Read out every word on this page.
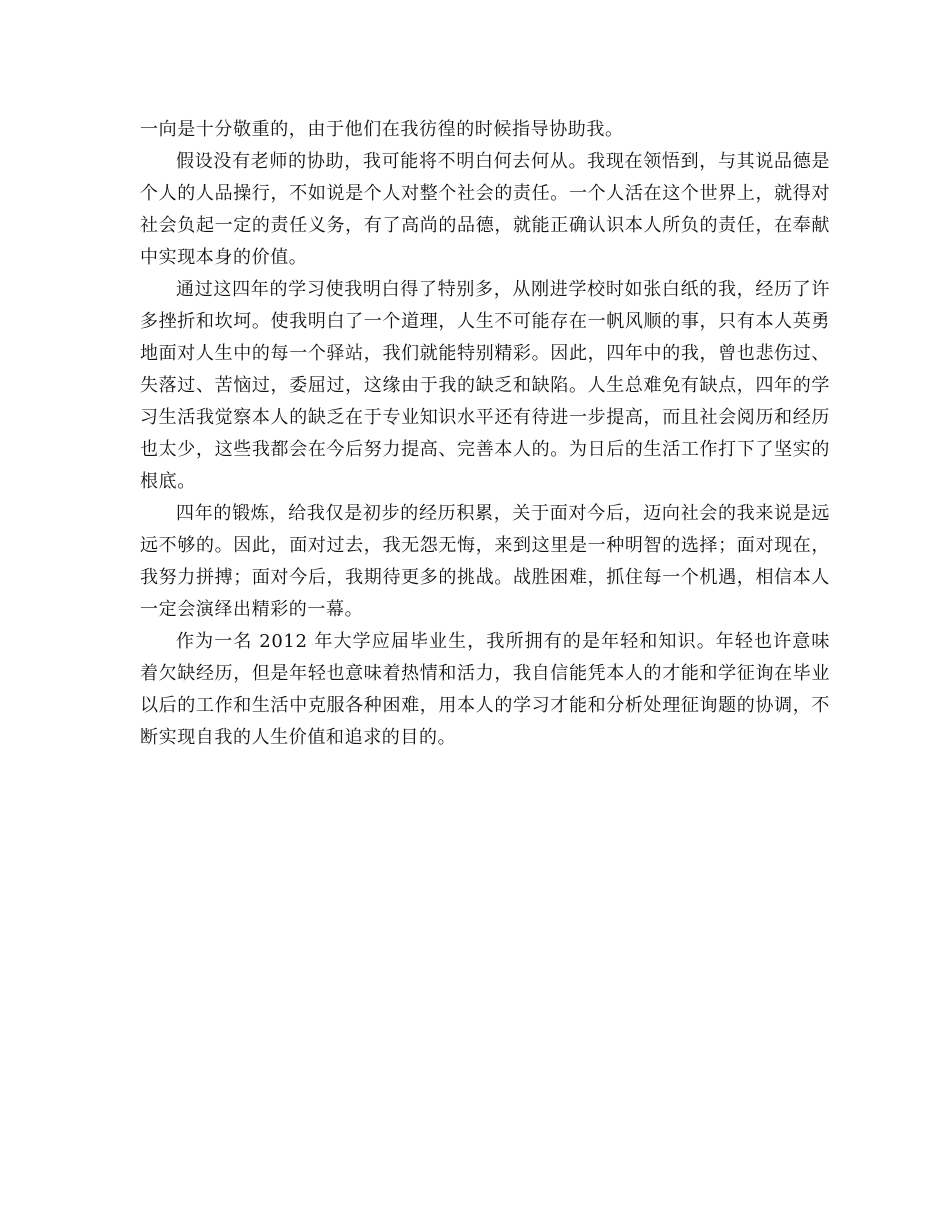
一向是十分敬重的，由于他们在我彷徨的时候指导协助我。

假设没有老师的协助，我可能将不明白何去何从。我现在领悟到，与其说品德是个人的人品操行，不如说是个人对整个社会的责任。一个人活在这个世界上，就得对社会负起一定的责任义务，有了高尚的品德，就能正确认识本人所负的责任，在奉献中实现本身的价值。

通过这四年的学习使我明白得了特别多，从刚进学校时如张白纸的我，经历了许多挫折和坎坷。使我明白了一个道理，人生不可能存在一帆风顺的事，只有本人英勇地面对人生中的每一个驿站，我们就能特别精彩。因此，四年中的我，曾也悲伤过、失落过、苦恼过，委屈过，这缘由于我的缺乏和缺陷。人生总难免有缺点，四年的学习生活我觉察本人的缺乏在于专业知识水平还有待进一步提高，而且社会阅历和经历也太少，这些我都会在今后努力提高、完善本人的。为日后的生活工作打下了坚实的根底。

四年的锻炼，给我仅是初步的经历积累，关于面对今后，迈向社会的我来说是远远不够的。因此，面对过去，我无怨无悔，来到这里是一种明智的选择；面对现在，我努力拼搏；面对今后，我期待更多的挑战。战胜困难，抓住每一个机遇，相信本人一定会演绎出精彩的一幕。

作为一名 2012 年大学应届毕业生，我所拥有的是年轻和知识。年轻也许意味着欠缺经历，但是年轻也意味着热情和活力，我自信能凭本人的才能和学征询在毕业以后的工作和生活中克服各种困难，用本人的学习才能和分析处理征询题的协调，不断实现自我的人生价值和追求的目的。
